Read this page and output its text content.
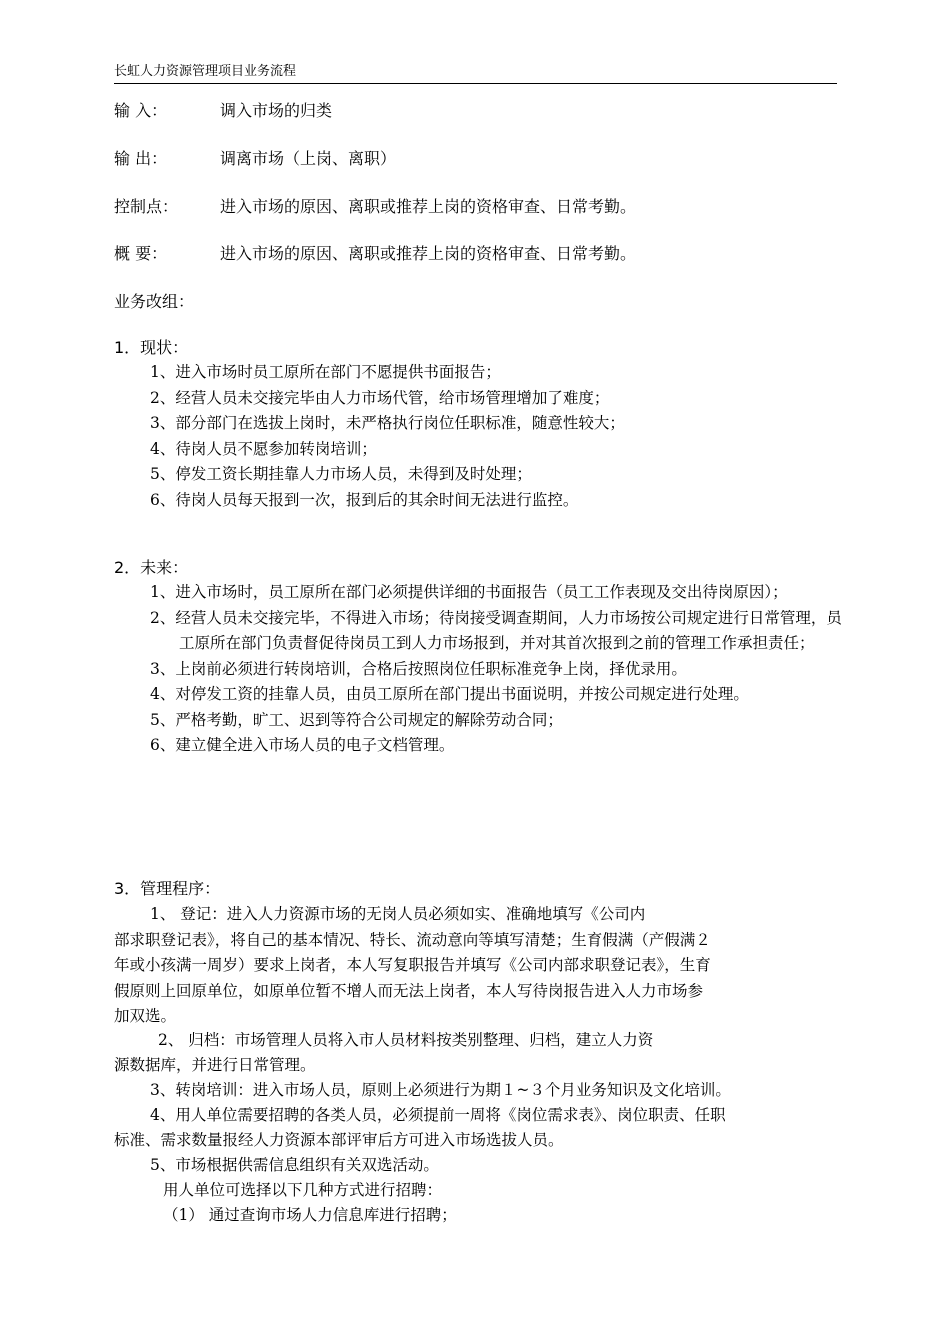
长虹人力资源管理项目业务流程
输 入：	调入市场的归类
输 出：	调离市场（上岗、离职）
控制点：	进入市场的原因、离职或推荐上岗的资格审查、日常考勤。
概 要：	进入市场的原因、离职或推荐上岗的资格审查、日常考勤。
业务改组：
1．现状：
1、进入市场时员工原所在部门不愿提供书面报告；
2、经营人员未交接完毕由人力市场代管，给市场管理增加了难度；
3、部分部门在选拔上岗时，未严格执行岗位任职标准，随意性较大；
4、待岗人员不愿参加转岗培训；
5、停发工资长期挂靠人力市场人员，未得到及时处理；
6、待岗人员每天报到一次，报到后的其余时间无法进行监控。
2．未来：
1、进入市场时，员工原所在部门必须提供详细的书面报告（员工工作表现及交出待岗原因）；
2、经营人员未交接完毕，不得进入市场；待岗接受调查期间，人力市场按公司规定进行日常管理，员工原所在部门负责督促待岗员工到人力市场报到，并对其首次报到之前的管理工作承担责任；
3、上岗前必须进行转岗培训，合格后按照岗位任职标准竞争上岗，择优录用。
4、对停发工资的挂靠人员，由员工原所在部门提出书面说明，并按公司规定进行处理。
5、严格考勤，旷工、迟到等符合公司规定的解除劳动合同；
6、建立健全进入市场人员的电子文档管理。
3．管理程序：
1、 登记：进入人力资源市场的无岗人员必须如实、准确地填写《公司内
部求职登记表》，将自己的基本情况、特长、流动意向等填写清楚；生育假满（产假满２
年或小孩满一周岁）要求上岗者，本人写复职报告并填写《公司内部求职登记表》，生育
假原则上回原单位，如原单位暂不增人而无法上岗者，本人写待岗报告进入人力市场参
加双选。
2、 归档：市场管理人员将入市人员材料按类别整理、归档，建立人力资
源数据库，并进行日常管理。
3、转岗培训：进入市场人员，原则上必须进行为期１~３个月业务知识及文化培训。
4、用人单位需要招聘的各类人员，必须提前一周将《岗位需求表》、岗位职责、任职
标准、需求数量报经人力资源本部评审后方可进入市场选拔人员。
5、市场根据供需信息组织有关双选活动。
用人单位可选择以下几种方式进行招聘：
（1） 通过查询市场人力信息库进行招聘；
